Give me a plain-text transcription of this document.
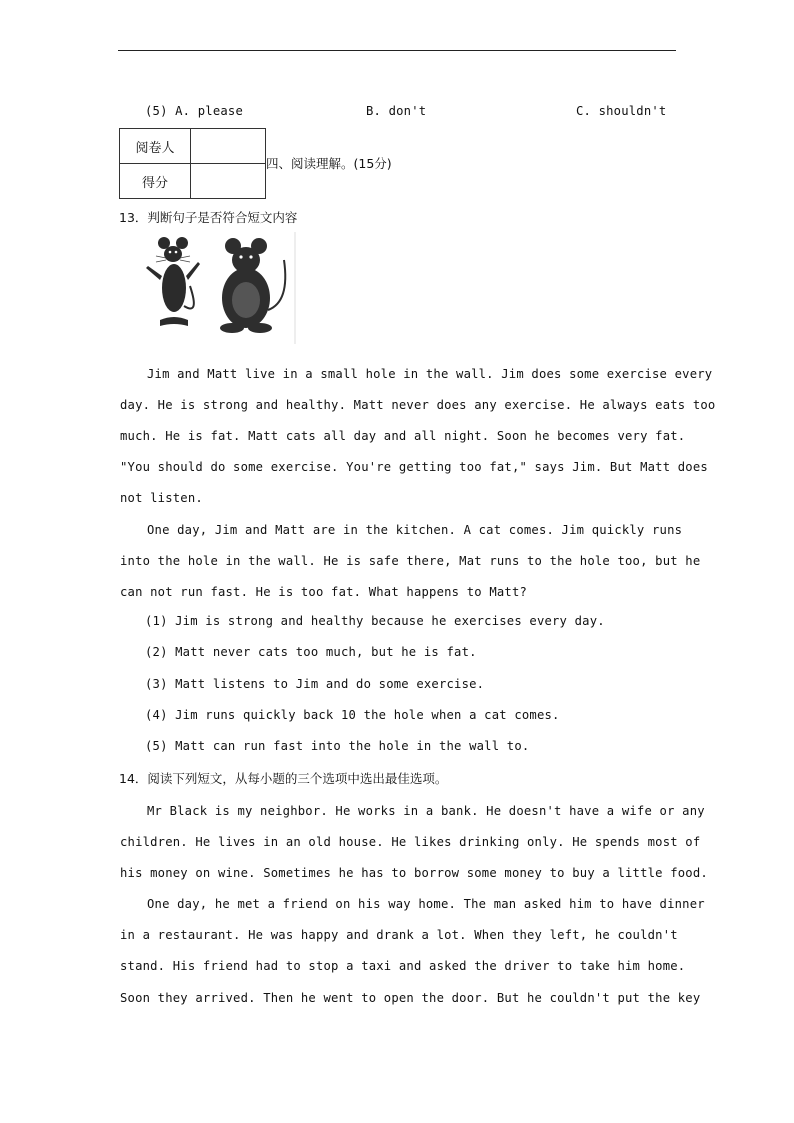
(5) A. please	B. don't	C. shouldn't
阅卷人	
得分	
四、阅读理解。(15分)
13．判断句子是否符合短文内容
Jim and Matt live in a small hole in the wall. Jim does some exercise every
day. He is strong and healthy. Matt never does any exercise. He always eats too
much. He is fat. Matt cats all day and all night. Soon he becomes very fat.
"You should do some exercise. You're getting too fat," says Jim. But Matt does
not listen.
One day, Jim and Matt are in the kitchen. A cat comes. Jim quickly runs
into the hole in the wall. He is safe there, Mat runs to the hole too, but he
can not run fast. He is too fat. What happens to Matt?
(1) Jim is strong and healthy because he exercises every day.
(2) Matt never cats too much, but he is fat.
(3) Matt listens to Jim and do some exercise.
(4) Jim runs quickly back 10 the hole when a cat comes.
(5) Matt can run fast into the hole in the wall to.
14．阅读下列短文，从每小题的三个选项中选出最佳选项。
Mr Black is my neighbor. He works in a bank. He doesn't have a wife or any
children. He lives in an old house. He likes drinking only. He spends most of
his money on wine. Sometimes he has to borrow some money to buy a little food.
One day, he met a friend on his way home. The man asked him to have dinner
in a restaurant. He was happy and drank a lot. When they left, he couldn't
stand. His friend had to stop a taxi and asked the driver to take him home.
Soon they arrived. Then he went to open the door. But he couldn't put the key
